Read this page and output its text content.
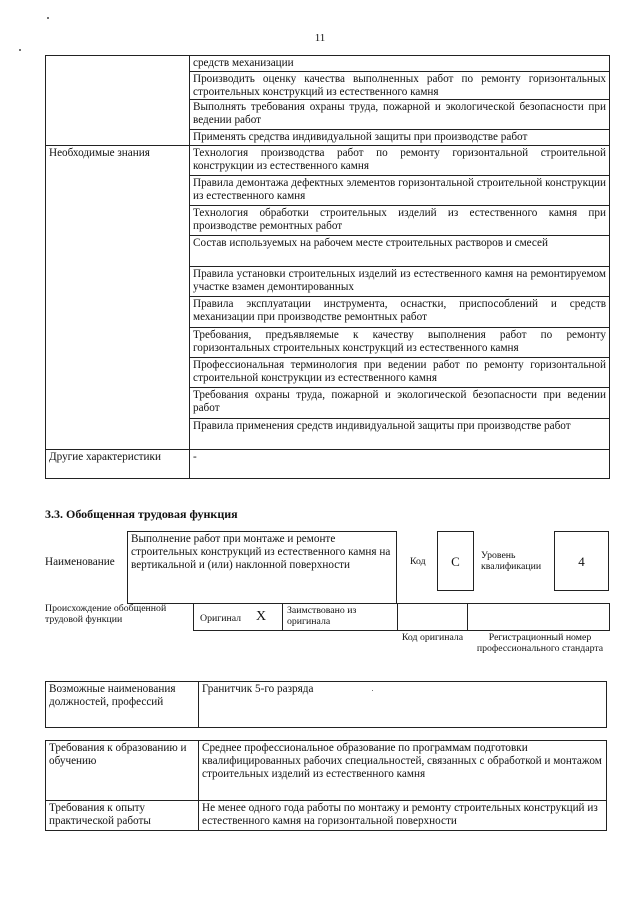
11
	средств механизации
	Производить оценку качества выполненных работ по ремонту горизонтальных строительных конструкций из естественного камня
	Выполнять требования охраны труда, пожарной и экологической безопасности при ведении работ
	Применять средства индивидуальной защиты при производстве работ
Необходимые знания	Технология производства работ по ремонту горизонтальной строительной конструкции из естественного камня
	Правила демонтажа дефектных элементов горизонтальной строительной конструкции из естественного камня
	Технология обработки строительных изделий из естественного камня при производстве ремонтных работ
	Состав используемых на рабочем месте строительных растворов и смесей
	Правила установки строительных изделий из естественного камня на ремонтируемом участке взамен демонтированных
	Правила эксплуатации инструмента, оснастки, приспособлений и средств механизации при производстве ремонтных работ
	Требования, предъявляемые к качеству выполнения работ по ремонту горизонтальных строительных конструкций из естественного камня
	Профессиональная терминология при ведении работ по ремонту горизонтальной строительной конструкции из естественного камня
	Требования охраны труда, пожарной и экологической безопасности при ведении работ
	Правила применения средств индивидуальной защиты при производстве работ
Другие характеристики	-
3.3. Обобщенная трудовая функция
Наименование
Выполнение работ при монтаже и ремонте строительных конструкций из естественного камня на вертикальной и (или) наклонной поверхности	Код	C	Уровень квалификации	4
Происхождение обобщенной трудовой функции	Оригинал X	Заимствовано из оригинала
Код оригинала	Регистрационный номер профессионального стандарта
Возможные наименования должностей, профессий	Гранитчик 5-го разряда
Требования к образованию и обучению	Среднее профессиональное образование по программам подготовки квалифицированных рабочих специальностей, связанных с обработкой и монтажом строительных изделий из естественного камня
Требования к опыту практической работы	Не менее одного года работы по монтажу и ремонту строительных конструкций из естественного камня на горизонтальной поверхности
